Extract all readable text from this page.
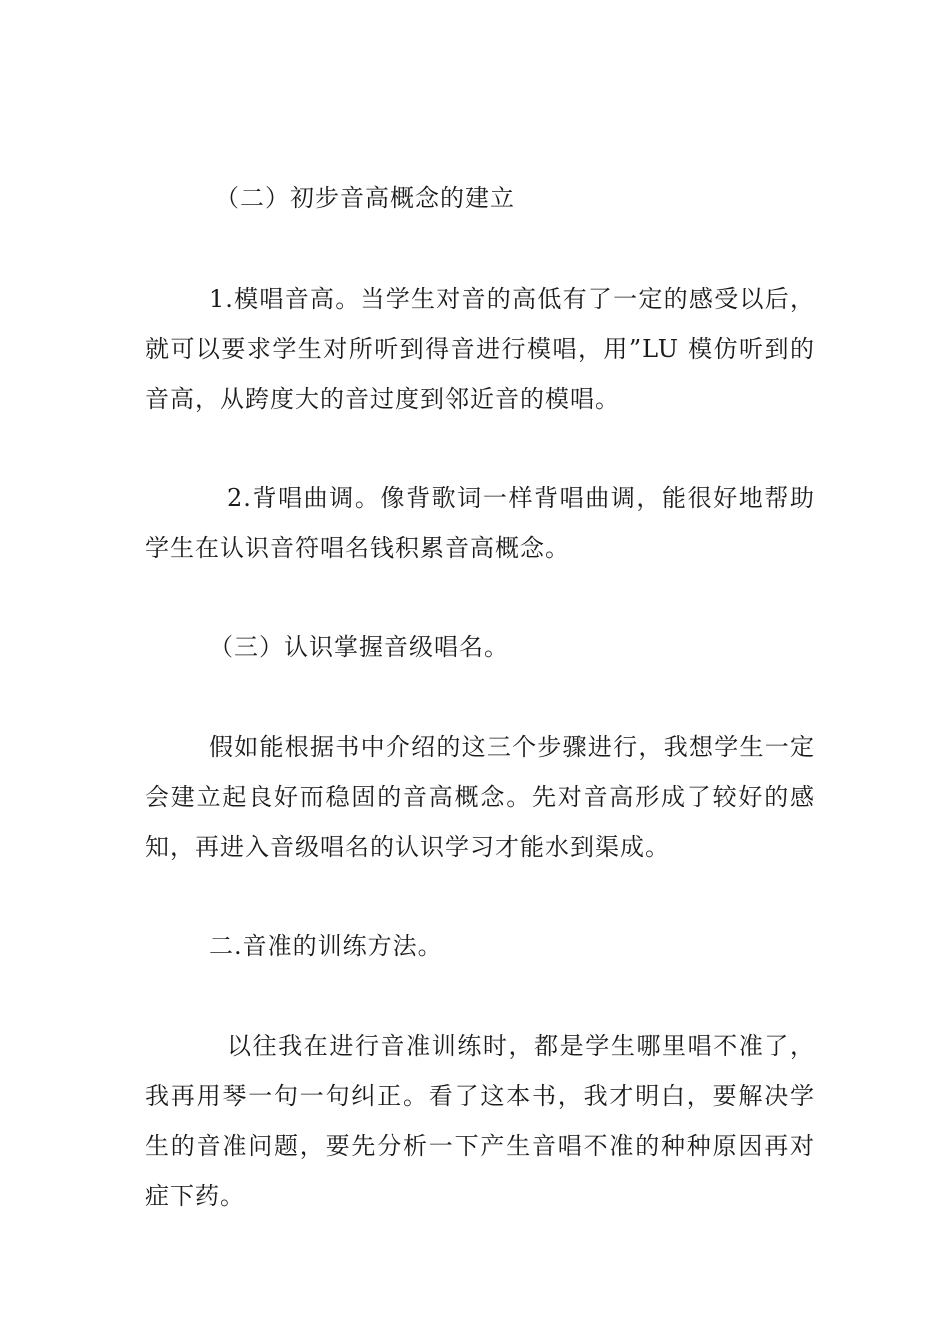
（二）初步音高概念的建立

1.模唱音高。当学生对音的高低有了一定的感受以后，就可以要求学生对所听到得音进行模唱，用”LU 模仿听到的音高，从跨度大的音过度到邻近音的模唱。

2.背唱曲调。像背歌词一样背唱曲调，能很好地帮助学生在认识音符唱名钱积累音高概念。

（三）认识掌握音级唱名。

假如能根据书中介绍的这三个步骤进行，我想学生一定会建立起良好而稳固的音高概念。先对音高形成了较好的感知，再进入音级唱名的认识学习才能水到渠成。

二.音准的训练方法。

以往我在进行音准训练时，都是学生哪里唱不准了，我再用琴一句一句纠正。看了这本书，我才明白，要解决学生的音准问题，要先分析一下产生音唱不准的种种原因再对症下药。
